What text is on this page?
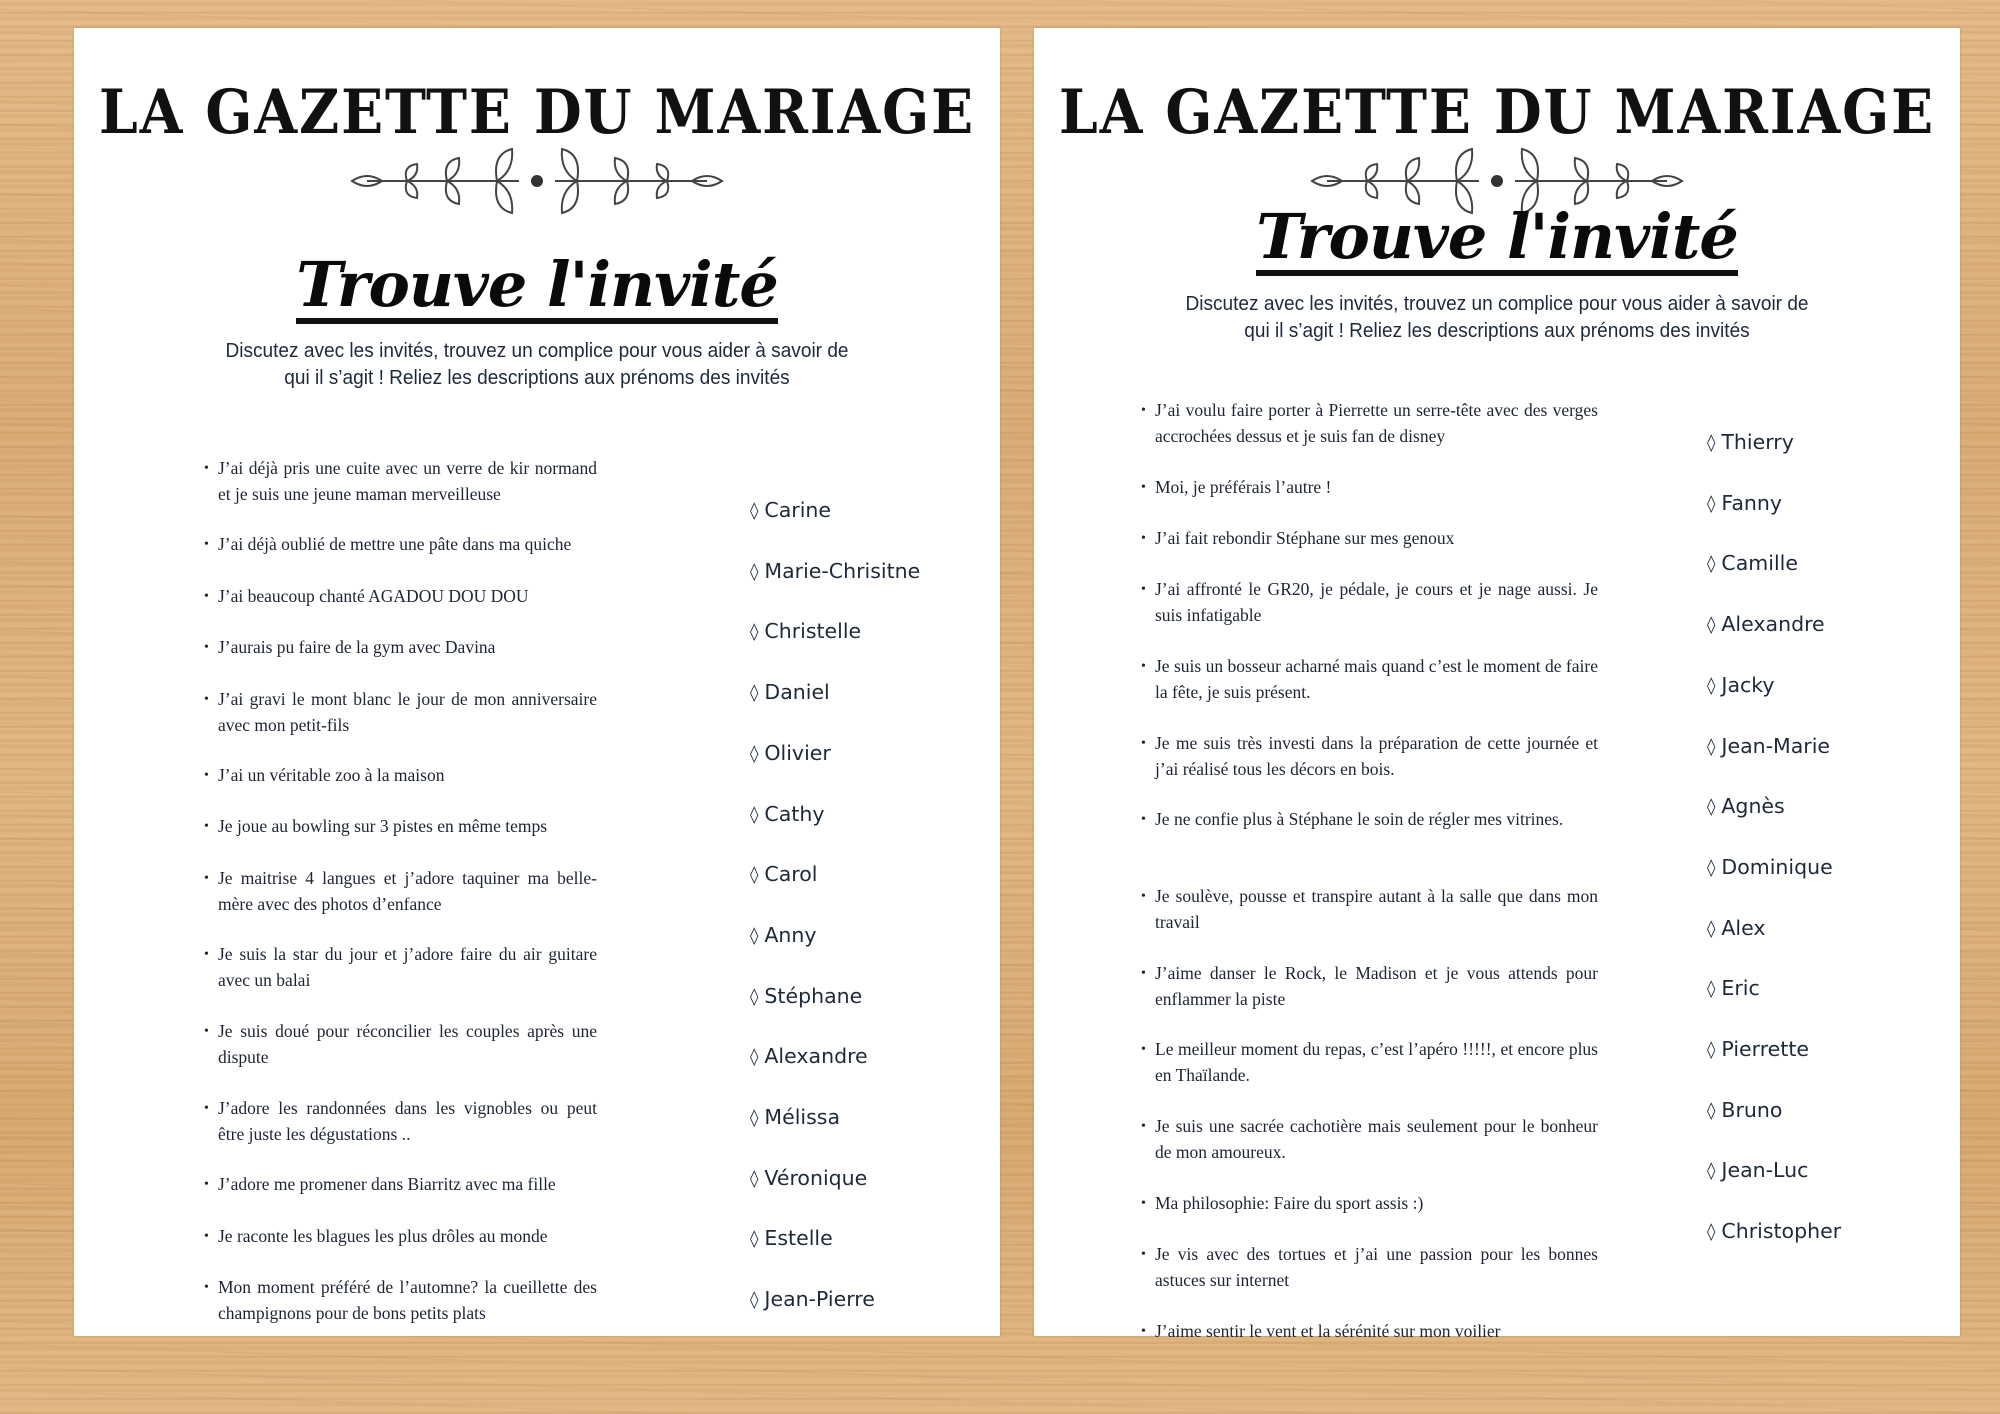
LA GAZETTE DU MARIAGE
Trouve l'invité
Discutez avec les invités, trouvez un complice pour vous aider à savoir de
qui il s’agit ! Reliez les descriptions aux prénoms des invités
• J’ai déjà pris une cuite avec un verre de kir normand et je suis une jeune maman merveilleuse
• J’ai déjà oublié de mettre une pâte dans ma quiche
• J’ai beaucoup chanté AGADOU DOU DOU
• J’aurais pu faire de la gym avec Davina
• J’ai gravi le mont blanc le jour de mon anniversaire avec mon petit-fils
• J’ai un véritable zoo à la maison
• Je joue au bowling sur 3 pistes en même temps
• Je maitrise 4 langues et j’adore taquiner ma belle-mère avec des photos d’enfance
• Je suis la star du jour et j’adore faire du air guitare avec un balai
• Je suis doué pour réconcilier les couples après une dispute
• J’adore les randonnées dans les vignobles ou peut être juste les dégustations ..
• J’adore me promener dans Biarritz avec ma fille
• Je raconte les blagues les plus drôles au monde
• Mon moment préféré de l’automne? la cueillette des champignons pour de bons petits plats
◊ Carine
◊ Marie-Chrisitne
◊ Christelle
◊ Daniel
◊ Olivier
◊ Cathy
◊ Carol
◊ Anny
◊ Stéphane
◊ Alexandre
◊ Mélissa
◊ Véronique
◊ Estelle
◊ Jean-Pierre
LA GAZETTE DU MARIAGE
Trouve l'invité
Discutez avec les invités, trouvez un complice pour vous aider à savoir de
qui il s’agit ! Reliez les descriptions aux prénoms des invités
• J’ai voulu faire porter à Pierrette un serre-tête avec des verges accrochées dessus et je suis fan de disney
• Moi, je préférais l’autre !
• J’ai fait rebondir Stéphane sur mes genoux
• J’ai affronté le GR20, je pédale, je cours et je nage aussi. Je suis infatigable
• Je suis un bosseur acharné mais quand c’est le moment de faire la fête, je suis présent.
• Je me suis très investi dans la préparation de cette journée et j’ai réalisé tous les décors en bois.
• Je ne confie plus à Stéphane le soin de régler mes vitrines.
• Je soulève, pousse et transpire autant à la salle que dans mon travail
• J’aime danser le Rock, le Madison et je vous attends pour enflammer la piste
• Le meilleur moment du repas, c’est l’apéro !!!!!, et encore plus en Thaïlande.
• Je suis une sacrée cachotière mais seulement pour le bonheur de mon amoureux.
• Ma philosophie: Faire du sport assis :)
• Je vis avec des tortues et j’ai une passion pour les bonnes astuces sur internet
• J’aime sentir le vent et la sérénité sur mon voilier
◊ Thierry
◊ Fanny
◊ Camille
◊ Alexandre
◊ Jacky
◊ Jean-Marie
◊ Agnès
◊ Dominique
◊ Alex
◊ Eric
◊ Pierrette
◊ Bruno
◊ Jean-Luc
◊ Christopher
